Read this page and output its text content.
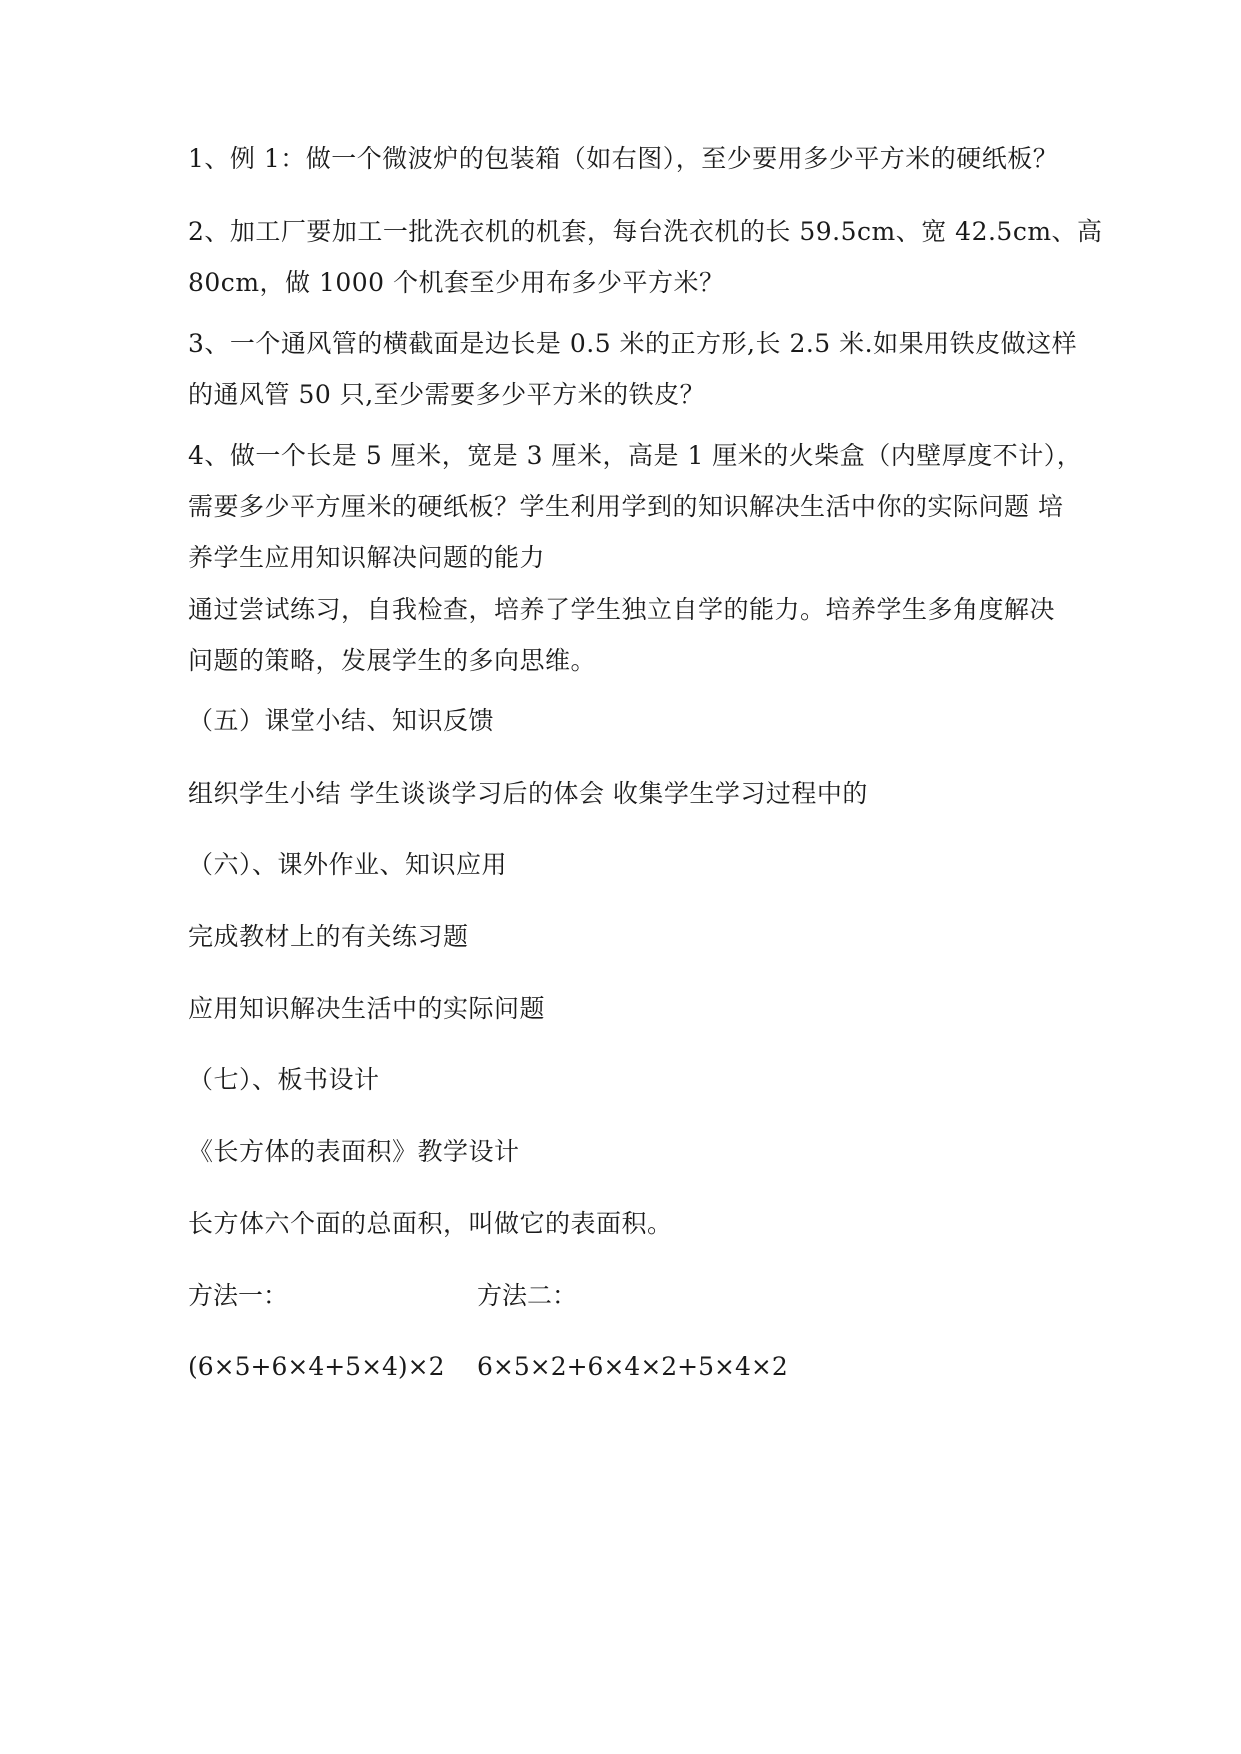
1、例 1：做一个微波炉的包装箱（如右图），至少要用多少平方米的硬纸板？
2、加工厂要加工一批洗衣机的机套，每台洗衣机的长 59.5cm、宽 42.5cm、高
80cm，做 1000 个机套至少用布多少平方米？
3、一个通风管的横截面是边长是 0.5 米的正方形,长 2.5 米.如果用铁皮做这样
的通风管 50 只,至少需要多少平方米的铁皮？
4、做一个长是 5 厘米，宽是 3 厘米，高是 1 厘米的火柴盒（内壁厚度不计），
需要多少平方厘米的硬纸板？学生利用学到的知识解决生活中你的实际问题 培
养学生应用知识解决问题的能力
通过尝试练习，自我检查，培养了学生独立自学的能力。培养学生多角度解决
问题的策略，发展学生的多向思维。
（五）课堂小结、知识反馈
组织学生小结 学生谈谈学习后的体会 收集学生学习过程中的
（六）、课外作业、知识应用
完成教材上的有关练习题
应用知识解决生活中的实际问题
（七）、板书设计
《长方体的表面积》教学设计
长方体六个面的总面积，叫做它的表面积。
方法一：	方法二：
(6×5+6×4+5×4)×2 6×5×2+6×4×2+5×4×2
